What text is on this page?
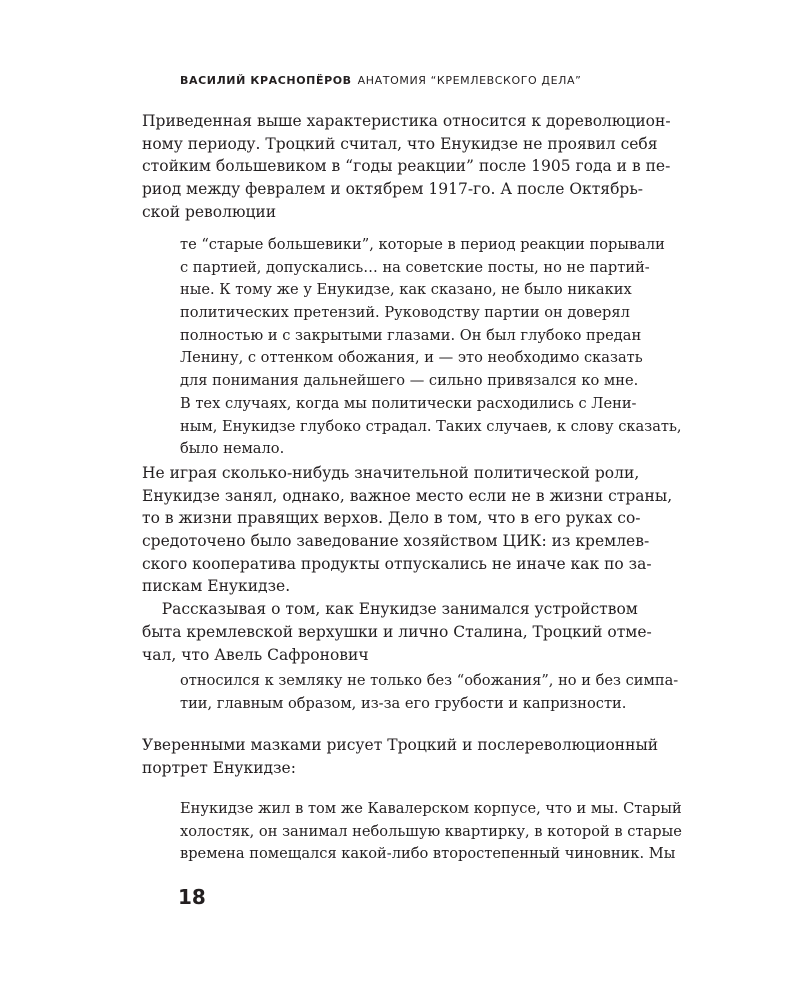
ВАСИЛИЙ КРАСНОПЁРОВ АНАТОМИЯ “КРЕМЛЕВСКОГО ДЕЛА”
Приведенная выше характеристика относится к дореволюцион-
ному периоду. Троцкий считал, что Енукидзе не проявил себя
стойким большевиком в “годы реакции” после 1905 года и в пе-
риод между февралем и октябрем 1917-го. А после Октябрь-
ской революции
те “старые большевики”, которые в период реакции порывали
с партией, допускались… на советские посты, но не партий-
ные. К тому же у Енукидзе, как сказано, не было никаких
политических претензий. Руководству партии он доверял
полностью и с закрытыми глазами. Он был глубоко предан
Ленину, с оттенком обожания, и — это необходимо сказать
для понимания дальнейшего — сильно привязался ко мне.
В тех случаях, когда мы политически расходились с Лени-
ным, Енукидзе глубоко страдал. Таких случаев, к слову сказать,
было немало.
Не играя сколько-нибудь значительной политической роли,
Енукидзе занял, однако, важное место если не в жизни страны,
то в жизни правящих верхов. Дело в том, что в его руках со-
средоточено было заведование хозяйством ЦИК: из кремлев-
ского кооператива продукты отпускались не иначе как по за-
пискам Енукидзе.
Рассказывая о том, как Енукидзе занимался устройством
быта кремлевской верхушки и лично Сталина, Троцкий отме-
чал, что Авель Сафронович
относился к земляку не только без “обожания”, но и без симпа-
тии, главным образом, из-за его грубости и капризности.
Уверенными мазками рисует Троцкий и послереволюционный
портрет Енукидзе:
Енукидзе жил в том же Кавалерском корпусе, что и мы. Старый
холостяк, он занимал небольшую квартирку, в которой в старые
времена помещался какой-либо второстепенный чиновник. Мы
18
